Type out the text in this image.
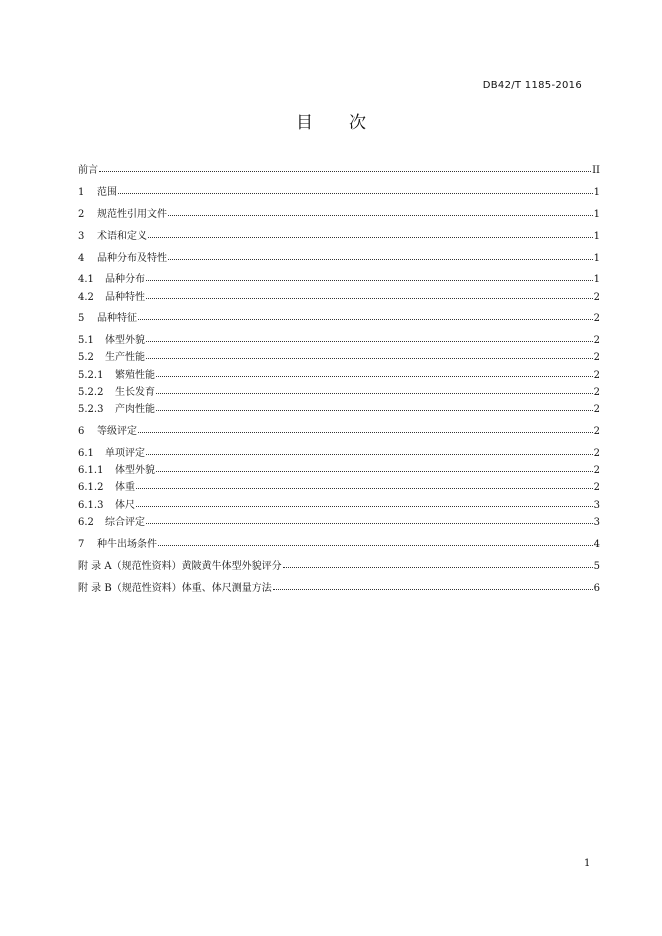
DB42/T 1185-2016
目 次
前言	II
1	范围	1
2	规范性引用文件	1
3	术语和定义	1
4	品种分布及特性	1
4.1	品种分布	1
4.2	品种特性	2
5	品种特征	2
5.1	体型外貌	2
5.2	生产性能	2
5.2.1	繁殖性能	2
5.2.2	生长发育	2
5.2.3	产肉性能	2
6	等级评定	2
6.1	单项评定	2
6.1.1	体型外貌	2
6.1.2	体重	2
6.1.3	体尺	3
6.2	综合评定	3
7	种牛出场条件	4
附 录 A（规范性资料）黄陂黄牛体型外貌评分	5
附 录 B（规范性资料）体重、体尺测量方法	6
1
